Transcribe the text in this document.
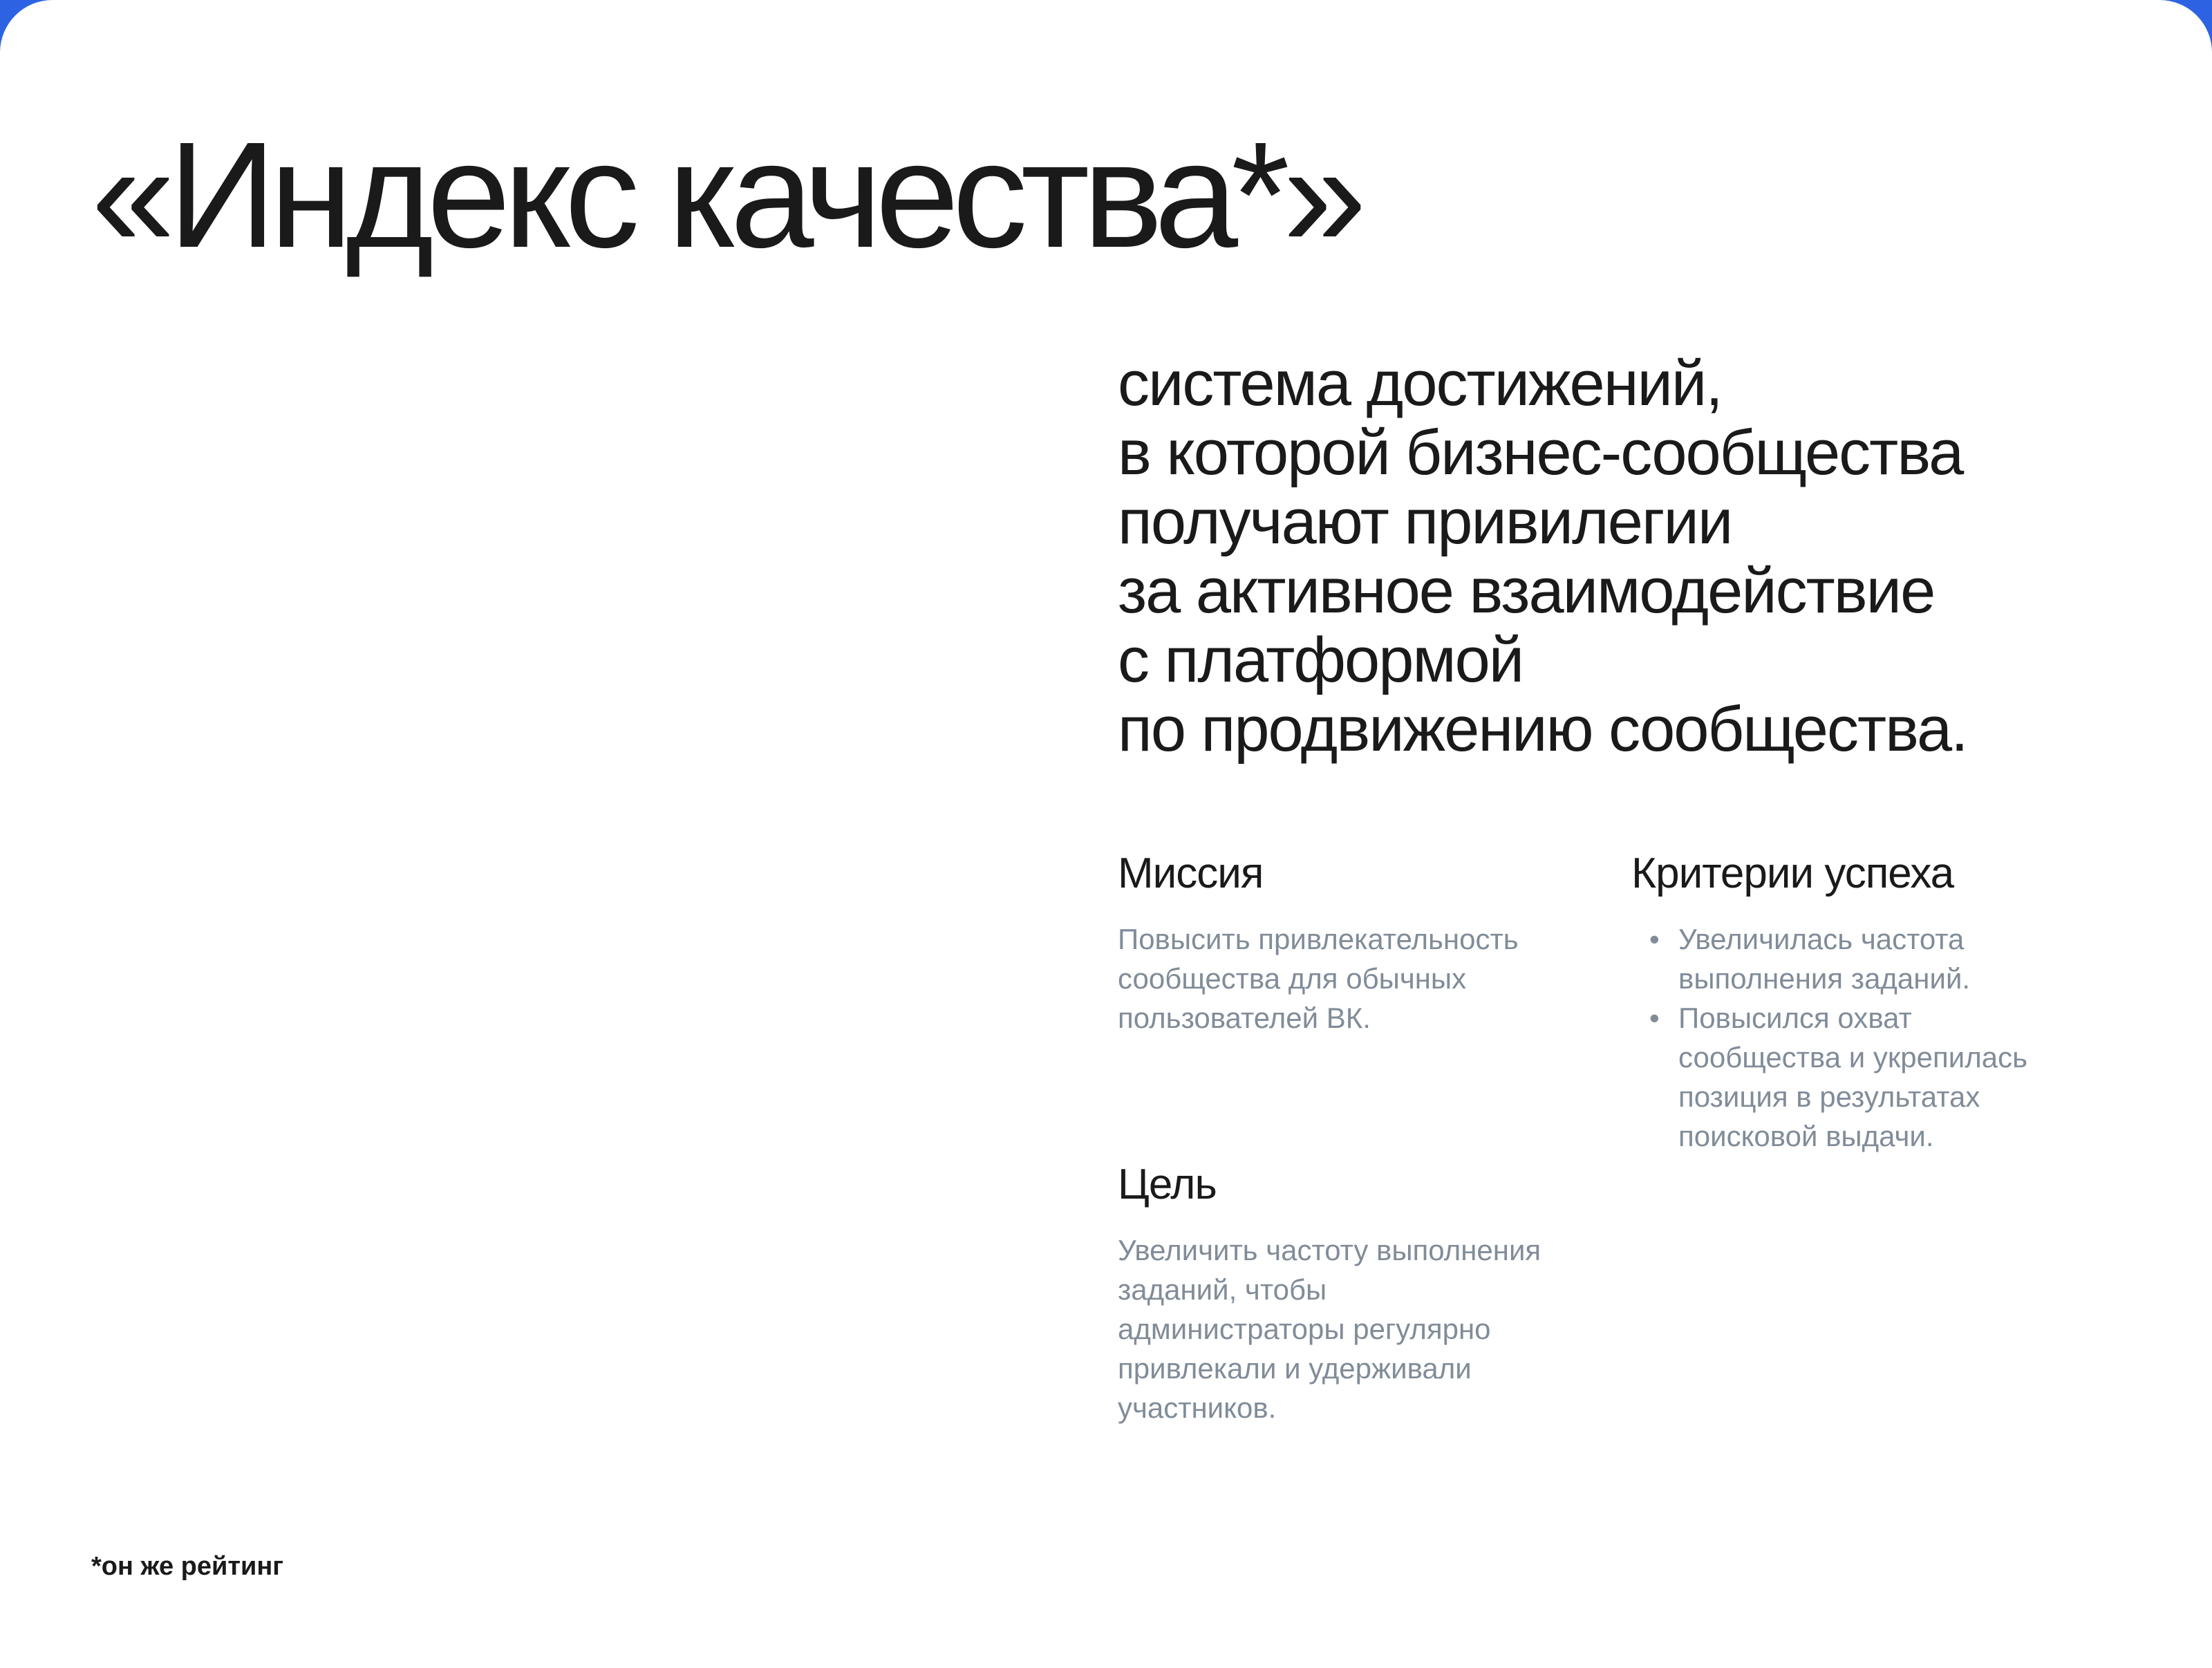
«Индекс качества*»

система достижений,
в которой бизнес-сообщества
получают привилегии
за активное взаимодействие
с платформой
по продвижению сообщества.

Миссия

Повысить привлекательность
сообщества для обычных
пользователей ВК.

Цель

Увеличить частоту выполнения
заданий, чтобы
администраторы регулярно
привлекали и удерживали
участников.

Критерии успеха
• Увеличилась частота
выполнения заданий.
• Повысился охват
сообщества и укрепилась
позиция в результатах
поисковой выдачи.

*он же рейтинг
